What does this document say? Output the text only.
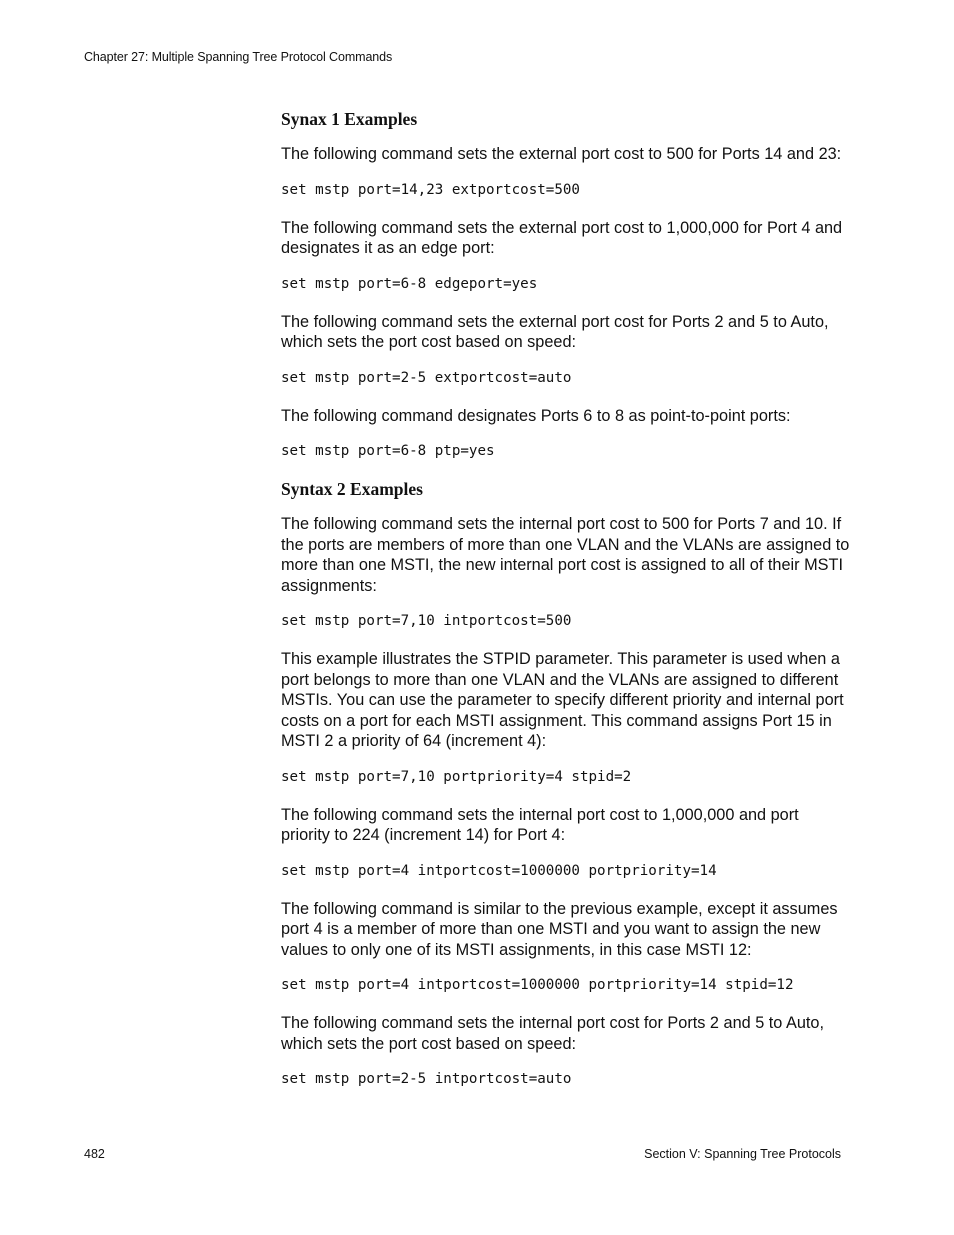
Chapter 27: Multiple Spanning Tree Protocol Commands
Synax 1 Examples

The following command sets the external port cost to 500 for Ports 14 and 23:

set mstp port=14,23 extportcost=500

The following command sets the external port cost to 1,000,000 for Port 4 and designates it as an edge port:

set mstp port=6-8 edgeport=yes

The following command sets the external port cost for Ports 2 and 5 to Auto, which sets the port cost based on speed:

set mstp port=2-5 extportcost=auto

The following command designates Ports 6 to 8 as point-to-point ports:

set mstp port=6-8 ptp=yes
Syntax 2 Examples

The following command sets the internal port cost to 500 for Ports 7 and 10. If the ports are members of more than one VLAN and the VLANs are assigned to more than one MSTI, the new internal port cost is assigned to all of their MSTI assignments:

set mstp port=7,10 intportcost=500

This example illustrates the STPID parameter. This parameter is used when a port belongs to more than one VLAN and the VLANs are assigned to different MSTIs. You can use the parameter to specify different priority and internal port costs on a port for each MSTI assignment. This command assigns Port 15 in MSTI 2 a priority of 64 (increment 4):

set mstp port=7,10 portpriority=4 stpid=2

The following command sets the internal port cost to 1,000,000 and port priority to 224 (increment 14) for Port 4:

set mstp port=4 intportcost=1000000 portpriority=14

The following command is similar to the previous example, except it assumes port 4 is a member of more than one MSTI and you want to assign the new values to only one of its MSTI assignments, in this case MSTI 12:

set mstp port=4 intportcost=1000000 portpriority=14 stpid=12

The following command sets the internal port cost for Ports 2 and 5 to Auto, which sets the port cost based on speed:

set mstp port=2-5 intportcost=auto
482	Section V: Spanning Tree Protocols
